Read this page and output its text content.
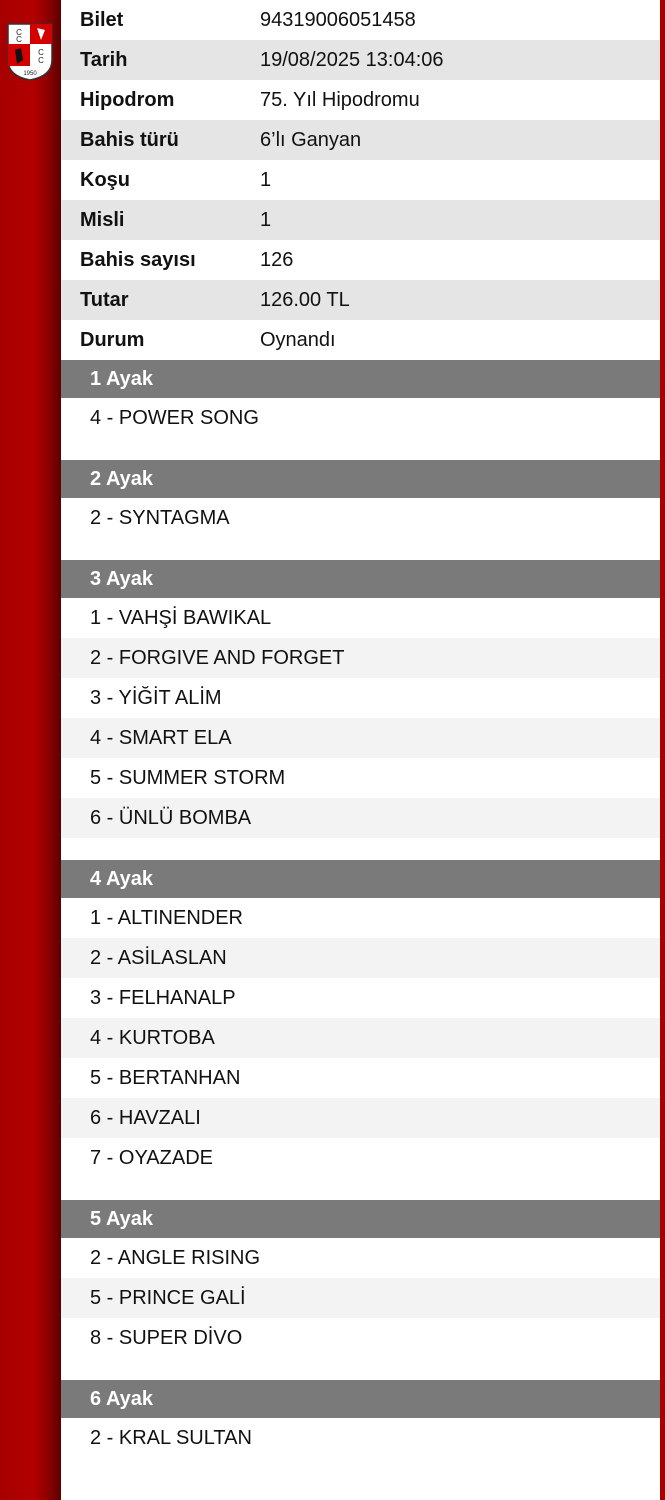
C
C
C
C
1950
Bilet	94319006051458
Tarih	19/08/2025 13:04:06
Hipodrom	75. Yıl Hipodromu
Bahis türü	6’lı Ganyan
Koşu	1
Misli	1
Bahis sayısı	126
Tutar	126.00 TL
Durum	Oynandı
1 Ayak
4 - POWER SONG
2 Ayak
2 - SYNTAGMA
3 Ayak
1 - VAHŞİ BAWIKAL
2 - FORGIVE AND FORGET
3 - YİĞİT ALİM
4 - SMART ELA
5 - SUMMER STORM
6 - ÜNLÜ BOMBA
4 Ayak
1 - ALTINENDER
2 - ASİLASLAN
3 - FELHANALP
4 - KURTOBA
5 - BERTANHAN
6 - HAVZALI
7 - OYAZADE
5 Ayak
2 - ANGLE RISING
5 - PRINCE GALİ
8 - SUPER DİVO
6 Ayak
2 - KRAL SULTAN
